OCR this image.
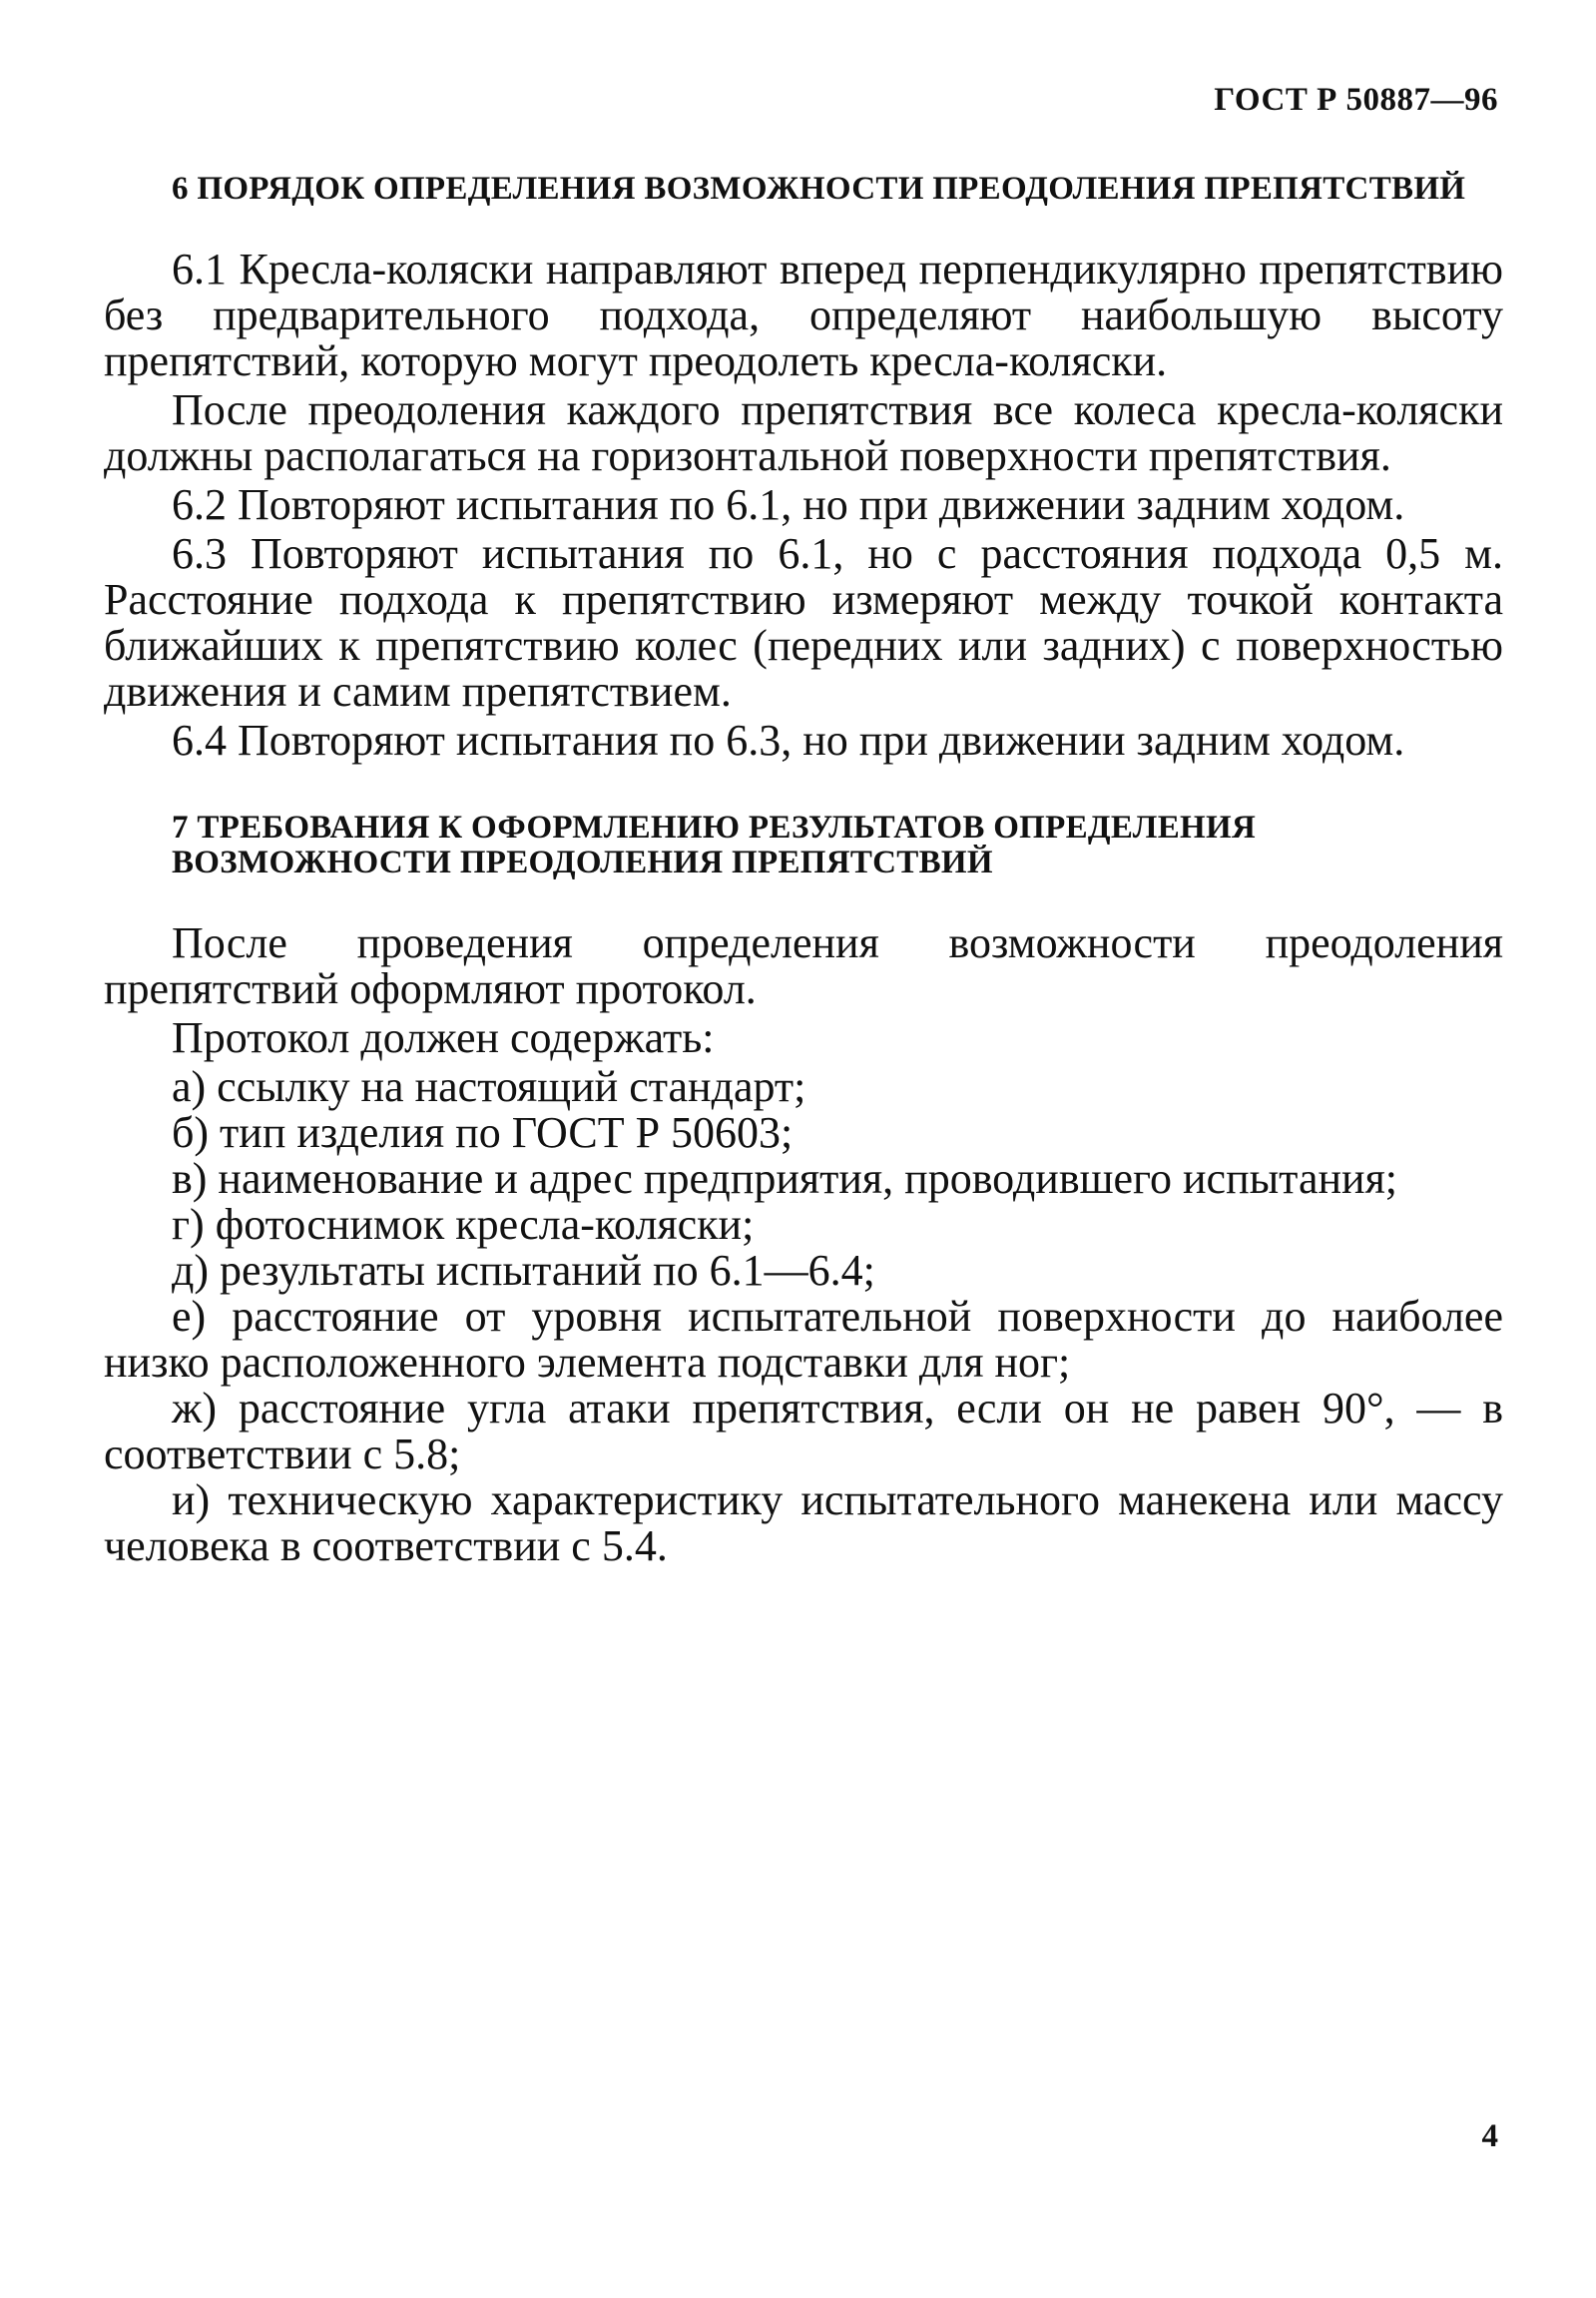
ГОСТ Р 50887—96
6 ПОРЯДОК ОПРЕДЕЛЕНИЯ ВОЗМОЖНОСТИ ПРЕОДОЛЕНИЯ ПРЕПЯТСТВИЙ
6.1 Кресла-коляски направляют вперед перпендикулярно препятствию без предварительного подхода, определяют наибольшую высоту препятствий, которую могут преодолеть кресла-коляски.
После преодоления каждого препятствия все колеса кресла-коляски должны располагаться на горизонтальной поверхности препятствия.
6.2 Повторяют испытания по 6.1, но при движении задним ходом.
6.3 Повторяют испытания по 6.1, но с расстояния подхода 0,5 м. Расстояние подхода к препятствию измеряют между точкой контакта ближайших к препятствию колес (передних или задних) с поверхностью движения и самим препятствием.
6.4 Повторяют испытания по 6.3, но при движении задним ходом.
7 ТРЕБОВАНИЯ К ОФОРМЛЕНИЮ РЕЗУЛЬТАТОВ ОПРЕДЕЛЕНИЯ ВОЗМОЖНОСТИ ПРЕОДОЛЕНИЯ ПРЕПЯТСТВИЙ
После проведения определения возможности преодоления препятствий оформляют протокол.
Протокол должен содержать:
а) ссылку на настоящий стандарт;
б) тип изделия по ГОСТ Р 50603;
в) наименование и адрес предприятия, проводившего испытания;
г) фотоснимок кресла-коляски;
д) результаты испытаний по 6.1—6.4;
е) расстояние от уровня испытательной поверхности до наиболее низко расположенного элемента подставки для ног;
ж) расстояние угла атаки препятствия, если он не равен 90°, — в соответствии с 5.8;
и) техническую характеристику испытательного манекена или массу человека в соответствии с 5.4.
4
